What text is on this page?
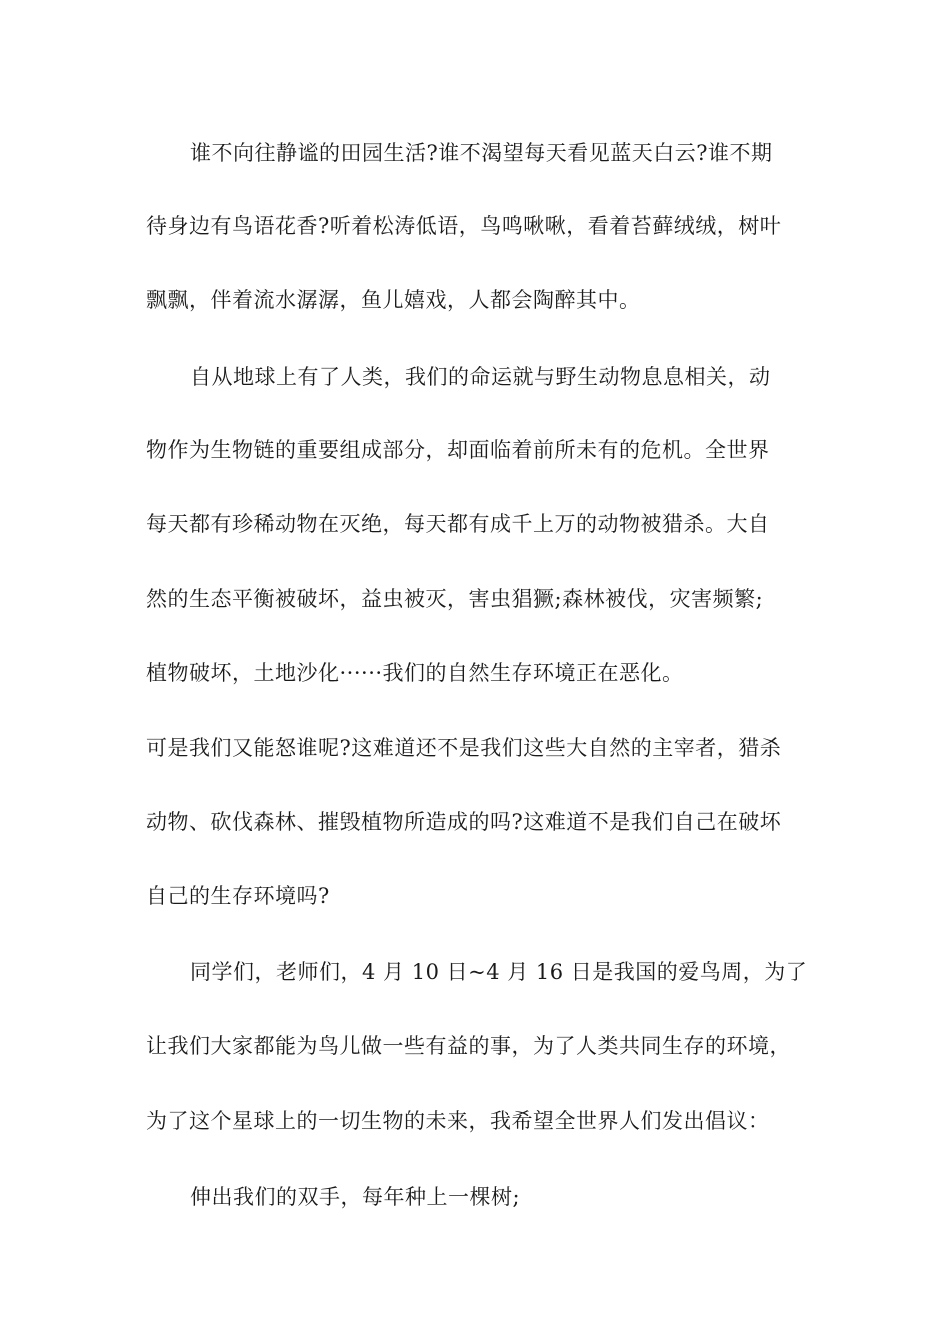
谁不向往静谧的田园生活?谁不渴望每天看见蓝天白云?谁不期
待身边有鸟语花香?听着松涛低语，鸟鸣啾啾，看着苔藓绒绒，树叶
飘飘，伴着流水潺潺，鱼儿嬉戏，人都会陶醉其中。
自从地球上有了人类，我们的命运就与野生动物息息相关，动
物作为生物链的重要组成部分，却面临着前所未有的危机。全世界
每天都有珍稀动物在灭绝，每天都有成千上万的动物被猎杀。大自
然的生态平衡被破坏，益虫被灭，害虫猖獗;森林被伐，灾害频繁;
植物破坏，土地沙化······我们的自然生存环境正在恶化。
可是我们又能怒谁呢?这难道还不是我们这些大自然的主宰者，猎杀
动物、砍伐森林、摧毁植物所造成的吗?这难道不是我们自己在破坏
自己的生存环境吗?
同学们，老师们，4 月 10 日~4 月 16 日是我国的爱鸟周，为了
让我们大家都能为鸟儿做一些有益的事，为了人类共同生存的环境，
为了这个星球上的一切生物的未来，我希望全世界人们发出倡议：
伸出我们的双手，每年种上一棵树;
